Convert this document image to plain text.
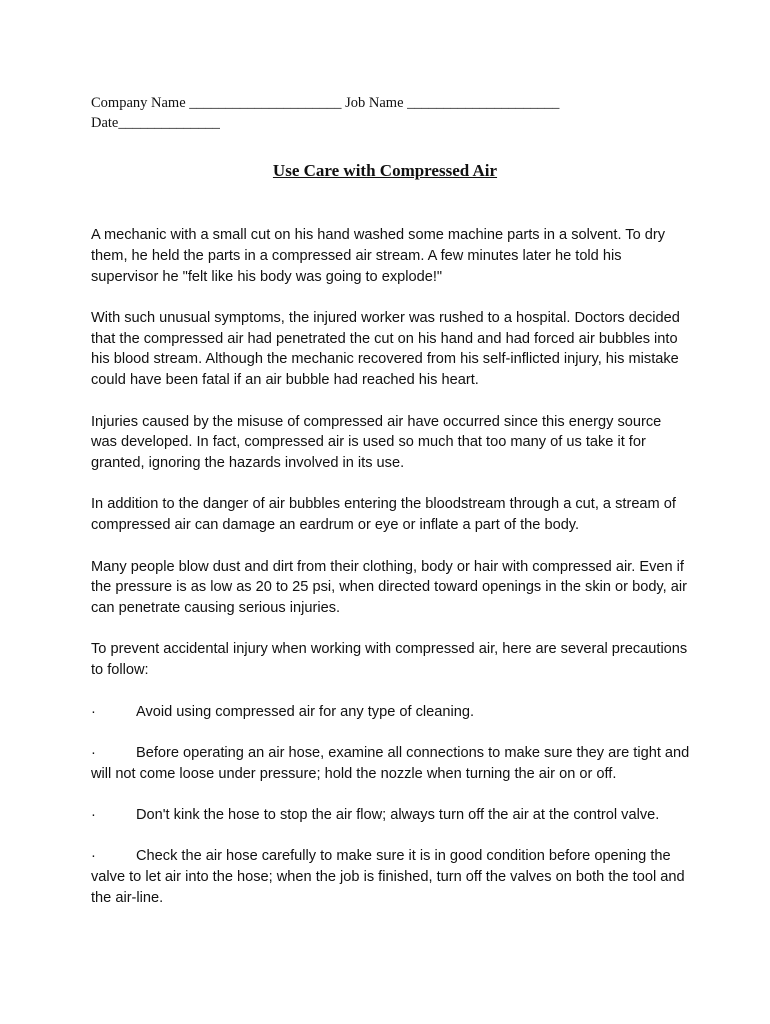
Company Name _____________________ Job Name _____________________
Date______________
Use Care with Compressed Air

A mechanic with a small cut on his hand washed some machine parts in a solvent. To dry them, he held the parts in a compressed air stream. A few minutes later he told his supervisor he "felt like his body was going to explode!"

With such unusual symptoms, the injured worker was rushed to a hospital. Doctors decided that the compressed air had penetrated the cut on his hand and had forced air bubbles into his blood stream. Although the mechanic recovered from his self-inflicted injury, his mistake could have been fatal if an air bubble had reached his heart.

Injuries caused by the misuse of compressed air have occurred since this energy source was developed. In fact, compressed air is used so much that too many of us take it for granted, ignoring the hazards involved in its use.

In addition to the danger of air bubbles entering the bloodstream through a cut, a stream of compressed air can damage an eardrum or eye or inflate a part of the body.

Many people blow dust and dirt from their clothing, body or hair with compressed air. Even if the pressure is as low as 20 to 25 psi, when directed toward openings in the skin or body, air can penetrate causing serious injuries.

To prevent accidental injury when working with compressed air, here are several precautions to follow:

·	Avoid using compressed air for any type of cleaning.

·	Before operating an air hose, examine all connections to make sure they are tight and will not come loose under pressure; hold the nozzle when turning the air on or off.

·	Don't kink the hose to stop the air flow; always turn off the air at the control valve.

·	Check the air hose carefully to make sure it is in good condition before opening the valve to let air into the hose; when the job is finished, turn off the valves on both the tool and the air-line.
